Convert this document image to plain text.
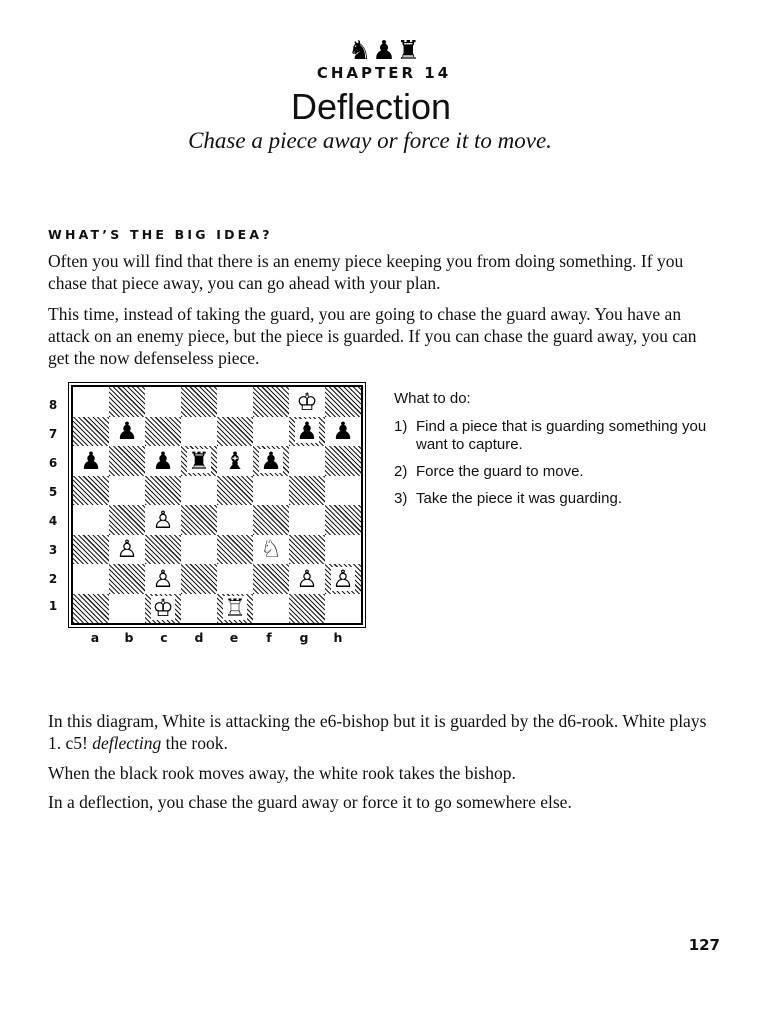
♞ ♟ ♜
CHAPTER 14
Deflection
Chase a piece away or force it to move.
WHAT’S THE BIG IDEA?
Often you will find that there is an enemy piece keeping you from doing something. If you chase that piece away, you can go ahead with your plan.
This time, instead of taking the guard, you are going to chase the guard away. You have an attack on an enemy piece, but the piece is guarded. If you can chase the guard away, you can get the now defenseless piece.
8
7
6
5
4
3
2
1
♔
♟	♟ ♟
♟ ♟ ♜ ♝ ♟
♙
♙	♘
♙	♙ ♙
♔ ♖
a	b	c	d	e	f	g	h
What to do:
1) Find a piece that is guarding something you want to capture.
2) Force the guard to move.
3) Take the piece it was guarding.
In this diagram, White is attacking the e6-bishop but it is guarded by the d6-rook. White plays 1. c5! deflecting the rook.
When the black rook moves away, the white rook takes the bishop.
In a deflection, you chase the guard away or force it to go somewhere else.
127
